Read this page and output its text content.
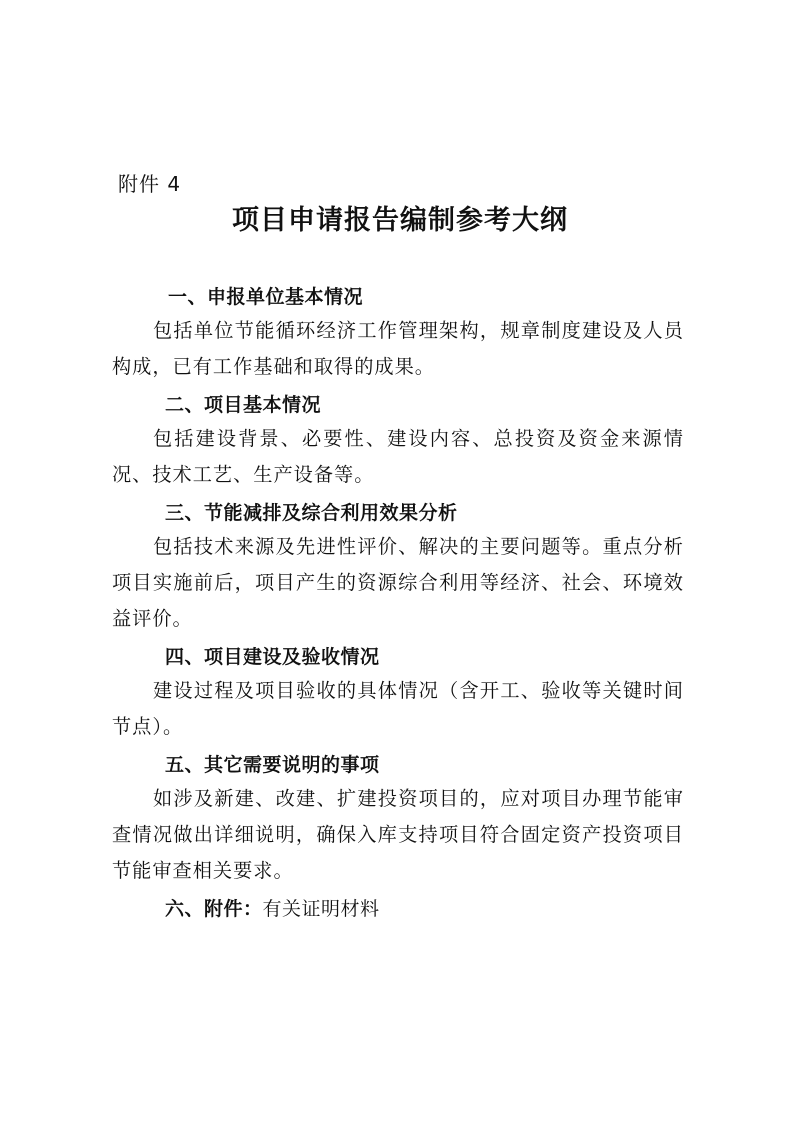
附件 4
项目申请报告编制参考大纲
一、申报单位基本情况
包括单位节能循环经济工作管理架构，规章制度建设及人员构成，已有工作基础和取得的成果。
二、项目基本情况
包括建设背景、必要性、建设内容、总投资及资金来源情况、技术工艺、生产设备等。
三、节能减排及综合利用效果分析
包括技术来源及先进性评价、解决的主要问题等。重点分析项目实施前后，项目产生的资源综合利用等经济、社会、环境效益评价。
四、项目建设及验收情况
建设过程及项目验收的具体情况（含开工、验收等关键时间节点）。
五、其它需要说明的事项
如涉及新建、改建、扩建投资项目的，应对项目办理节能审查情况做出详细说明，确保入库支持项目符合固定资产投资项目节能审查相关要求。
六、附件：有关证明材料
